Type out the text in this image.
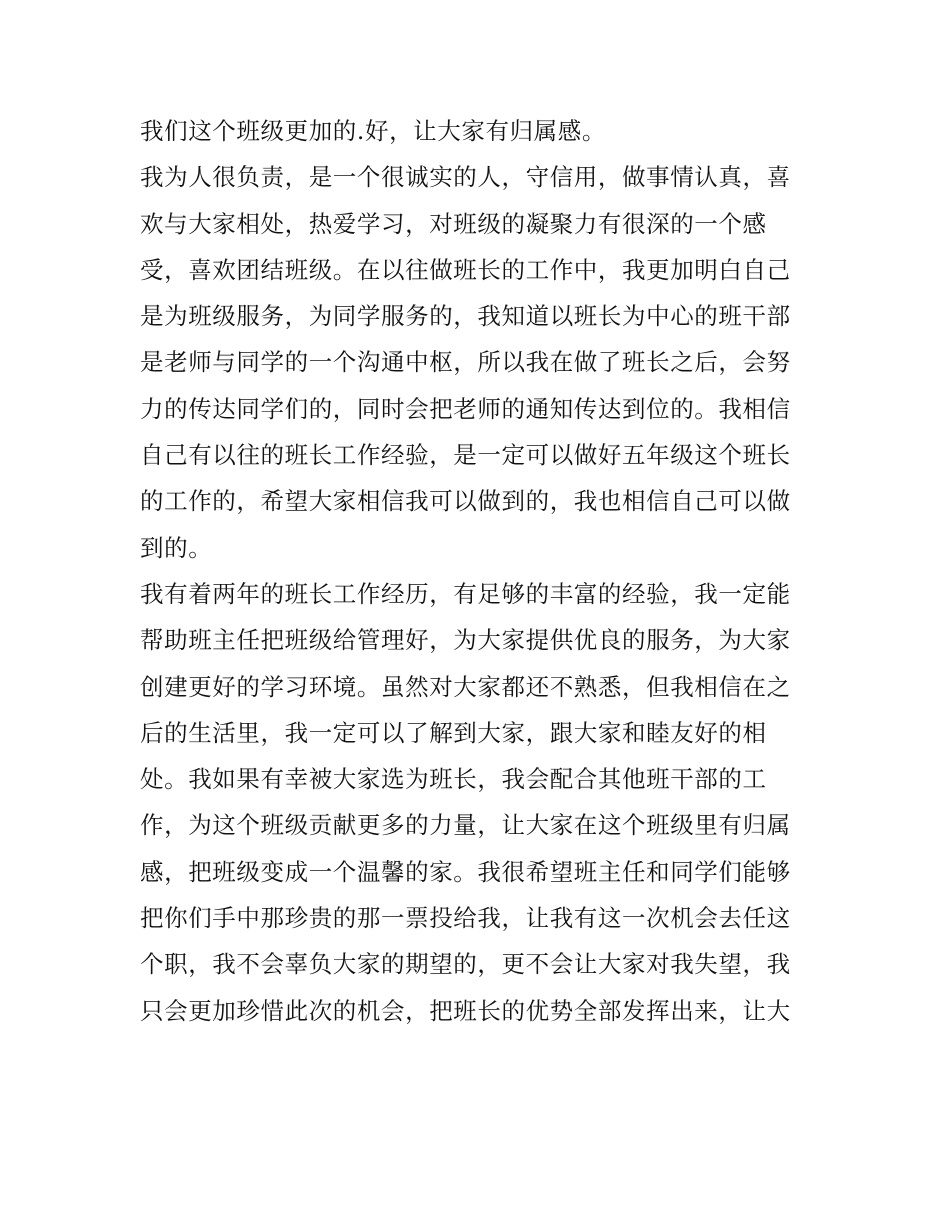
我们这个班级更加的.好，让大家有归属感。
我为人很负责，是一个很诚实的人，守信用，做事情认真，喜
欢与大家相处，热爱学习，对班级的凝聚力有很深的一个感
受，喜欢团结班级。在以往做班长的工作中，我更加明白自己
是为班级服务，为同学服务的，我知道以班长为中心的班干部
是老师与同学的一个沟通中枢，所以我在做了班长之后，会努
力的传达同学们的，同时会把老师的通知传达到位的。我相信
自己有以往的班长工作经验，是一定可以做好五年级这个班长
的工作的，希望大家相信我可以做到的，我也相信自己可以做
到的。
我有着两年的班长工作经历，有足够的丰富的经验，我一定能
帮助班主任把班级给管理好，为大家提供优良的服务，为大家
创建更好的学习环境。虽然对大家都还不熟悉，但我相信在之
后的生活里，我一定可以了解到大家，跟大家和睦友好的相
处。我如果有幸被大家选为班长，我会配合其他班干部的工
作，为这个班级贡献更多的力量，让大家在这个班级里有归属
感，把班级变成一个温馨的家。我很希望班主任和同学们能够
把你们手中那珍贵的那一票投给我，让我有这一次机会去任这
个职，我不会辜负大家的期望的，更不会让大家对我失望，我
只会更加珍惜此次的机会，把班长的优势全部发挥出来，让大
